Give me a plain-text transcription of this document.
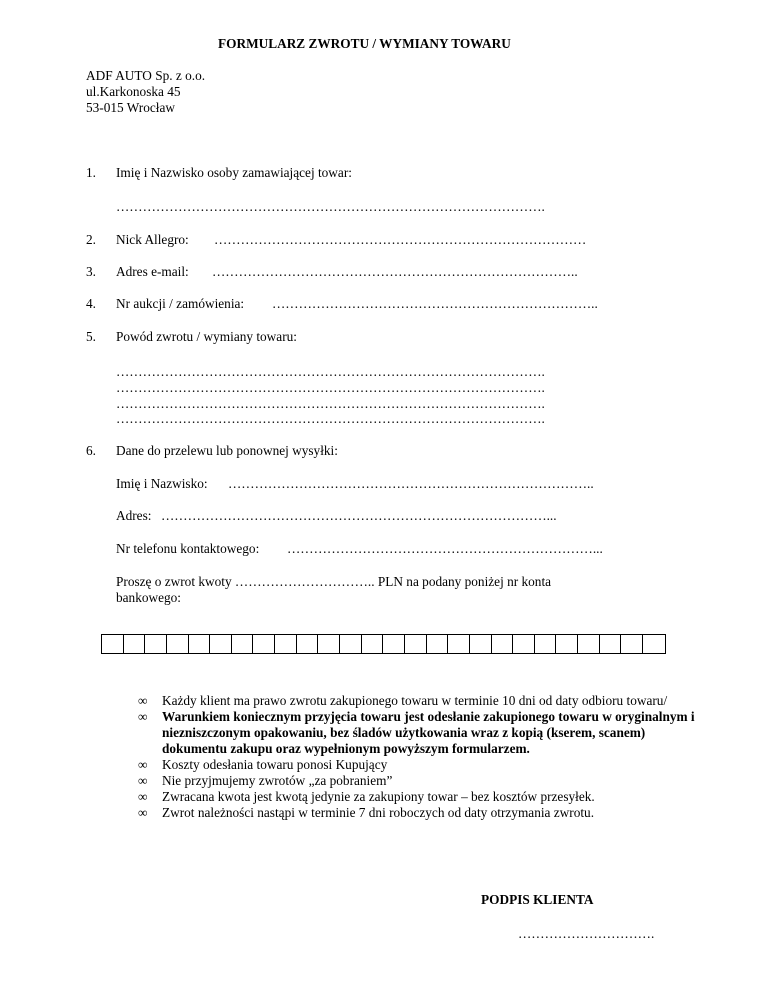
FORMULARZ ZWROTU / WYMIANY TOWARU
ADF AUTO Sp. z o.o.
ul.Karkonoska 45
53-015 Wrocław
1.	Imię i Nazwisko osoby zamawiającej towar:
…………………………………………………………………………………….
2.	Nick Allegro: …………………………………………………………………………
3.	Adres e-mail: ………………………………………………………………………..
4.	Nr aukcji / zamówienia: ………………………………………………………………..
5.	Powód zwrotu / wymiany towaru:
…………………………………………………………………………………….
…………………………………………………………………………………….
…………………………………………………………………………………….
…………………………………………………………………………………….
6.	Dane do przelewu lub ponownej wysyłki:
Imię i Nazwisko: ………………………………………………………………………..
Adres: ……………………………………………………………………………...
Nr telefonu kontaktowego: ……………………………………………………………...
Proszę o zwrot kwoty ………………………….. PLN na podany poniżej nr konta
bankowego:

∞ Każdy klient ma prawo zwrotu zakupionego towaru w terminie 10 dni od daty odbioru towaru/

∞ Warunkiem koniecznym przyjęcia towaru jest odesłanie zakupionego towaru w oryginalnym i niezniszczonym opakowaniu, bez śladów użytkowania wraz z kopią (kserem, scanem) dokumentu zakupu oraz wypełnionym powyższym formularzem.

∞ Koszty odesłania towaru ponosi Kupujący

∞ Nie przyjmujemy zwrotów „za pobraniem”

∞ Zwracana kwota jest kwotą jedynie za zakupiony towar – bez kosztów przesyłek.

∞ Zwrot należności nastąpi w terminie 7 dni roboczych od daty otrzymania zwrotu.

PODPIS KLIENTA
………………………….
